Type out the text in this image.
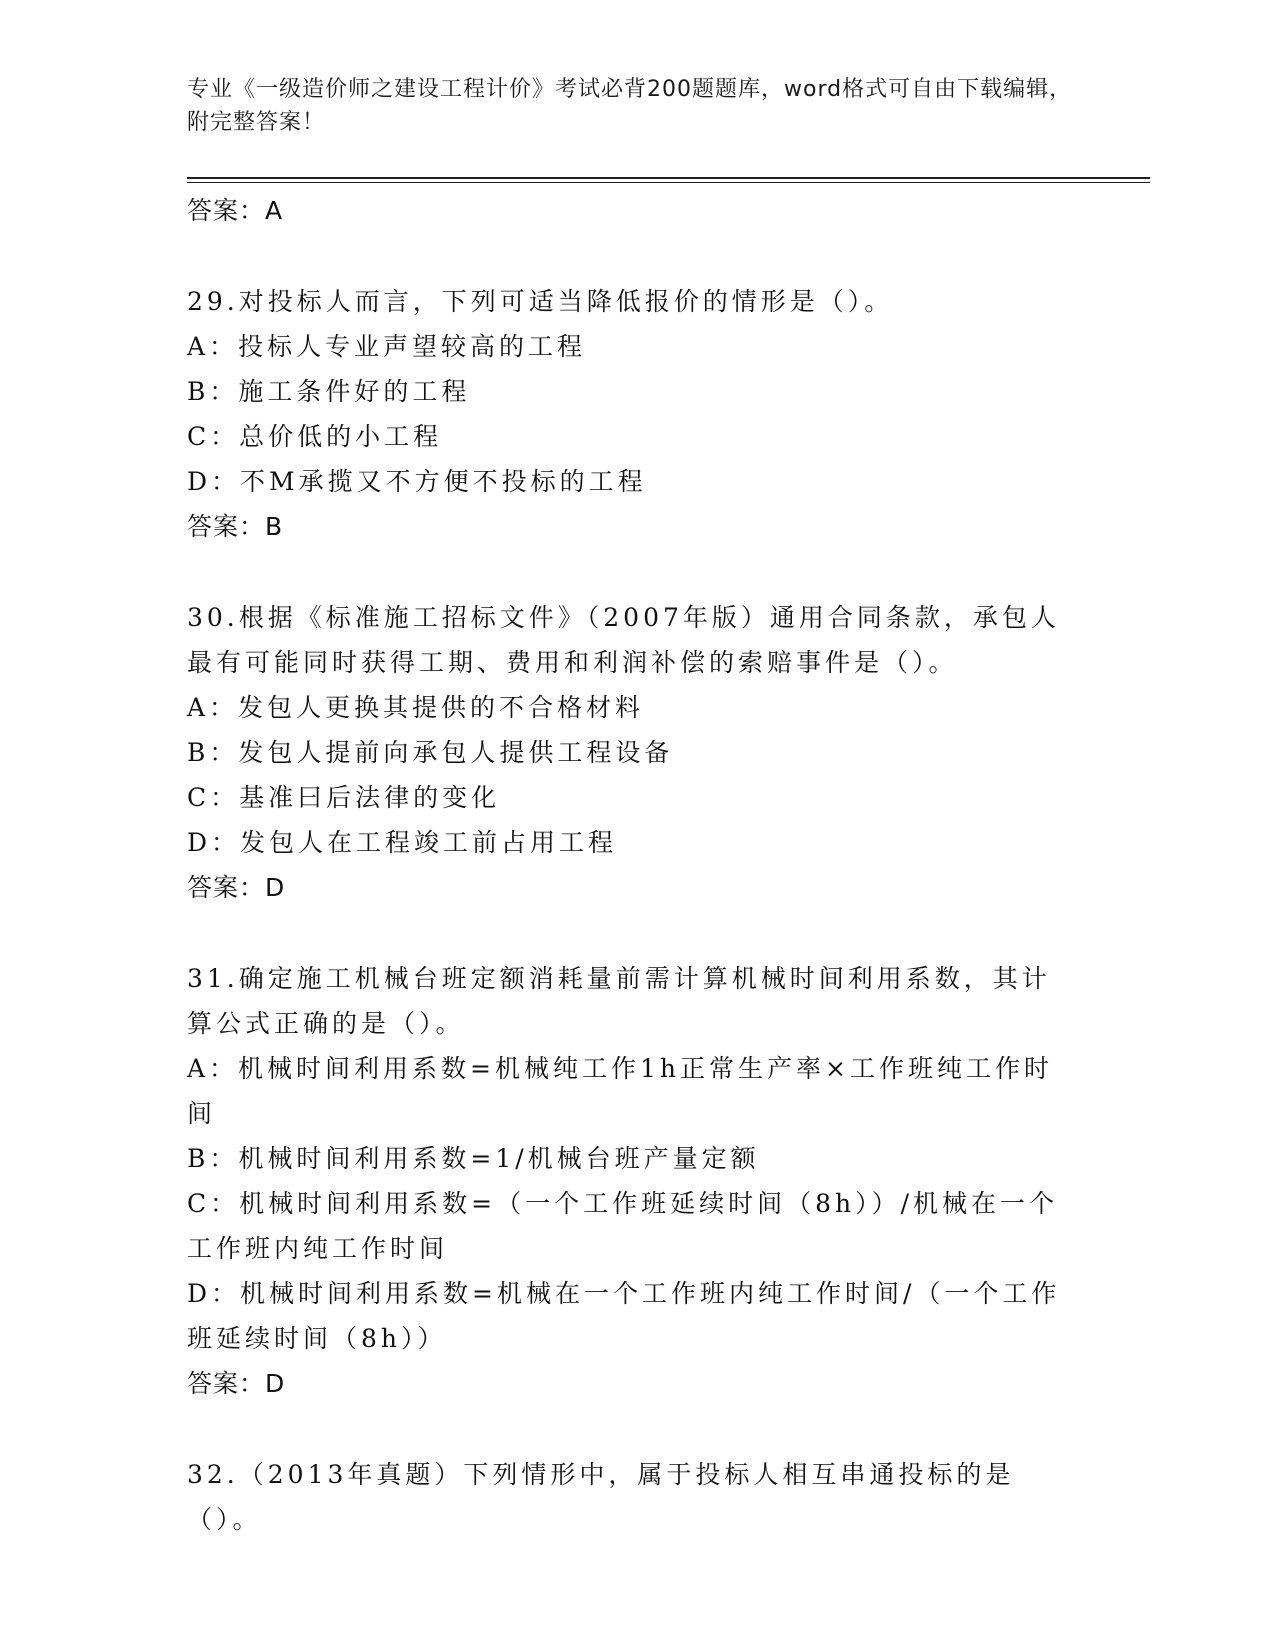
专业《一级造价师之建设工程计价》考试必背200题题库，word格式可自由下载编辑，附完整答案！
答案：A
29.对投标人而言，下列可适当降低报价的情形是（）。
A：投标人专业声望较高的工程
B：施工条件好的工程
C：总价低的小工程
D：不M承揽又不方便不投标的工程
答案：B
30.根据《标准施工招标文件》（2007年版）通用合同条款，承包人最有可能同时获得工期、费用和利润补偿的索赔事件是（）。
A：发包人更换其提供的不合格材料
B：发包人提前向承包人提供工程设备
C：基准曰后法律的变化
D：发包人在工程竣工前占用工程
答案：D
31.确定施工机械台班定额消耗量前需计算机械时间利用系数，其计算公式正确的是（）。
A：机械时间利用系数=机械纯工作1h正常生产率×工作班纯工作时间
B：机械时间利用系数=1/机械台班产量定额
C：机械时间利用系数=（一个工作班延续时间（8h））/机械在一个工作班内纯工作时间
D：机械时间利用系数=机械在一个工作班内纯工作时间/（一个工作班延续时间（8h））
答案：D
32.（2013年真题）下列情形中，属于投标人相互串通投标的是（）。
